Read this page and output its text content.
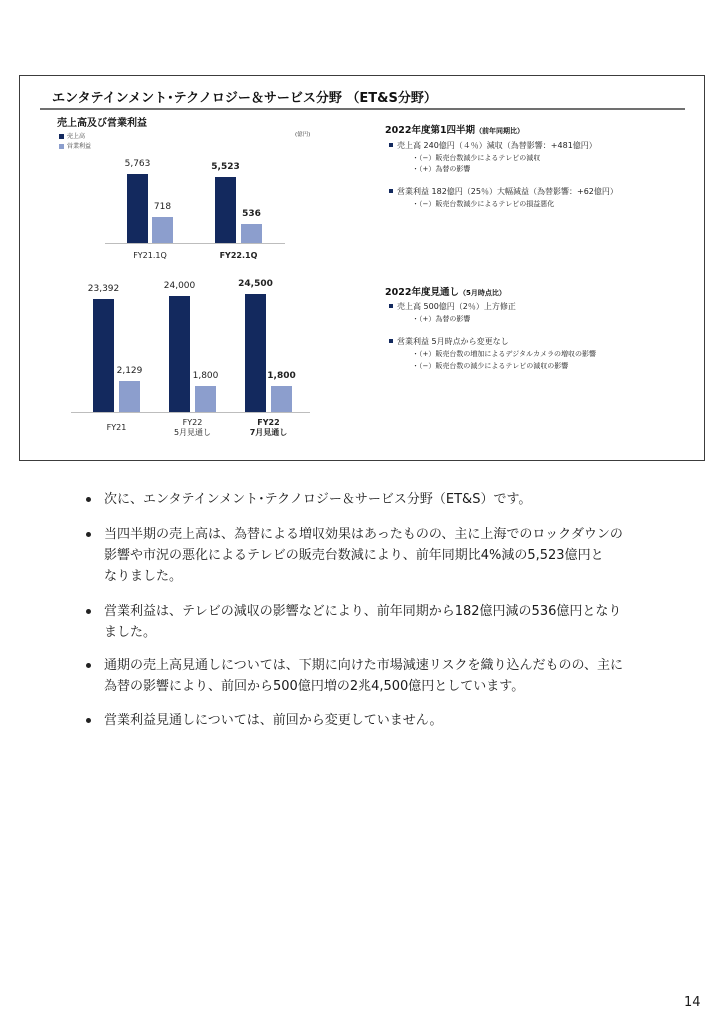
エンタテインメント･テクノロジー＆サービス分野 （ET&S分野）
売上高及び営業利益
売上高
営業利益
(億円)
5,763
718
FY21.1Q
5,523
536
FY22.1Q
23,392
2,129
FY21
24,000
1,800
FY22
5月見通し
24,500
1,800
FY22
7月見通し
2022年度第1四半期（前年同期比）
売上高 240億円（４％）減収（為替影響：+481億円）
・（−）販売台数減少によるテレビの減収
・（+）為替の影響
営業利益 182億円（25％）大幅減益（為替影響：+62億円）
・（−）販売台数減少によるテレビの損益悪化
2022年度見通し（5月時点比）
売上高 500億円（2％）上方修正
・（+）為替の影響
営業利益 5月時点から変更なし
・（+）販売台数の増加によるデジタルカメラの増収の影響
・（−）販売台数の減少によるテレビの減収の影響
次に、エンタテインメント･テクノロジー＆サービス分野（ET&S）です。
当四半期の売上高は、為替による増収効果はあったものの、主に上海でのロックダウンの
影響や市況の悪化によるテレビの販売台数減により、前年同期比4%減の5,523億円と
なりました。
営業利益は、テレビの減収の影響などにより、前年同期から182億円減の536億円となり
ました。
通期の売上高見通しについては、下期に向けた市場減速リスクを織り込んだものの、主に
為替の影響により、前回から500億円増の2兆4,500億円としています。
営業利益見通しについては、前回から変更していません。
14
